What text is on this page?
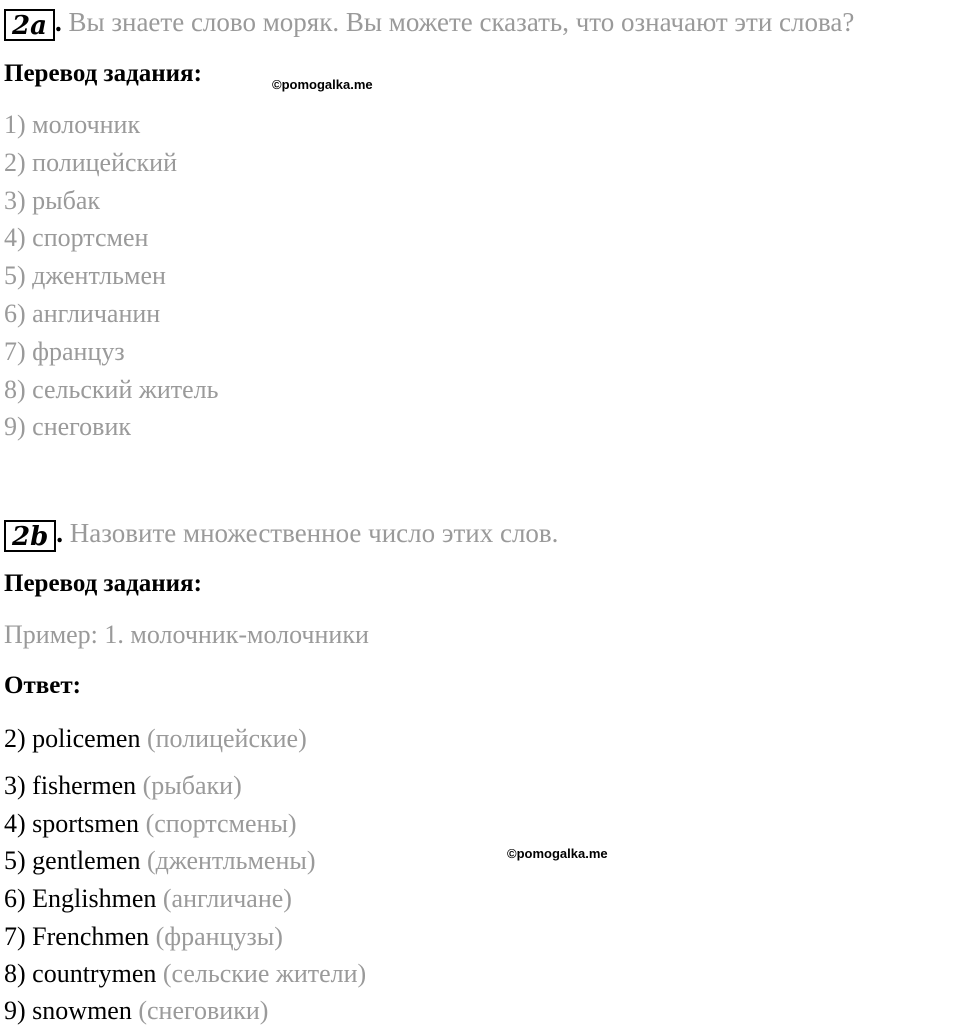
2a . Вы знаете слово моряк. Вы можете сказать, что означают эти слова?
Перевод задания:	©pomogalka.me
1) молочник
2) полицейский
3) рыбак
4) спортсмен
5) джентльмен
6) англичанин
7) француз
8) сельский житель
9) снеговик
2b . Назовите множественное число этих слов.
Перевод задания:
Пример: 1. молочник-молочники
Ответ:
2) policemen (полицейские)
3) fishermen (рыбаки)
4) sportsmen (спортсмены)
5) gentlemen (джентльмены)	©pomogalka.me
6) Englishmen (англичане)
7) Frenchmen (французы)
8) countrymen (сельские жители)
9) snowmen (снеговики)
